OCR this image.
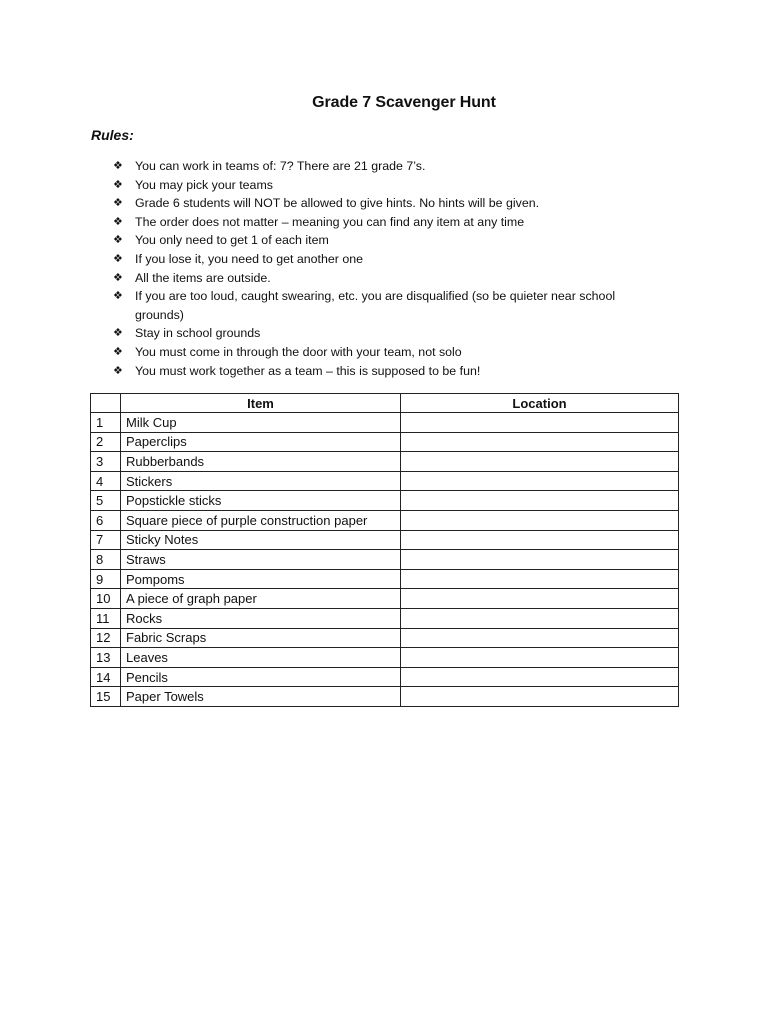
Grade 7 Scavenger Hunt
Rules:
❖ You can work in teams of: 7? There are 21 grade 7’s.
❖ You may pick your teams
❖ Grade 6 students will NOT be allowed to give hints. No hints will be given.
❖ The order does not matter – meaning you can find any item at any time
❖ You only need to get 1 of each item
❖ If you lose it, you need to get another one
❖ All the items are outside.
❖ If you are too loud, caught swearing, etc. you are disqualified (so be quieter near school grounds)
❖ Stay in school grounds
❖ You must come in through the door with your team, not solo
❖ You must work together as a team – this is supposed to be fun!
	Item	Location
1	Milk Cup	
2	Paperclips	
3	Rubberbands	
4	Stickers	
5	Popstickle sticks	
6	Square piece of purple construction paper	
7	Sticky Notes	
8	Straws	
9	Pompoms	
10	A piece of graph paper	
11	Rocks	
12	Fabric Scraps	
13	Leaves	
14	Pencils	
15	Paper Towels	
